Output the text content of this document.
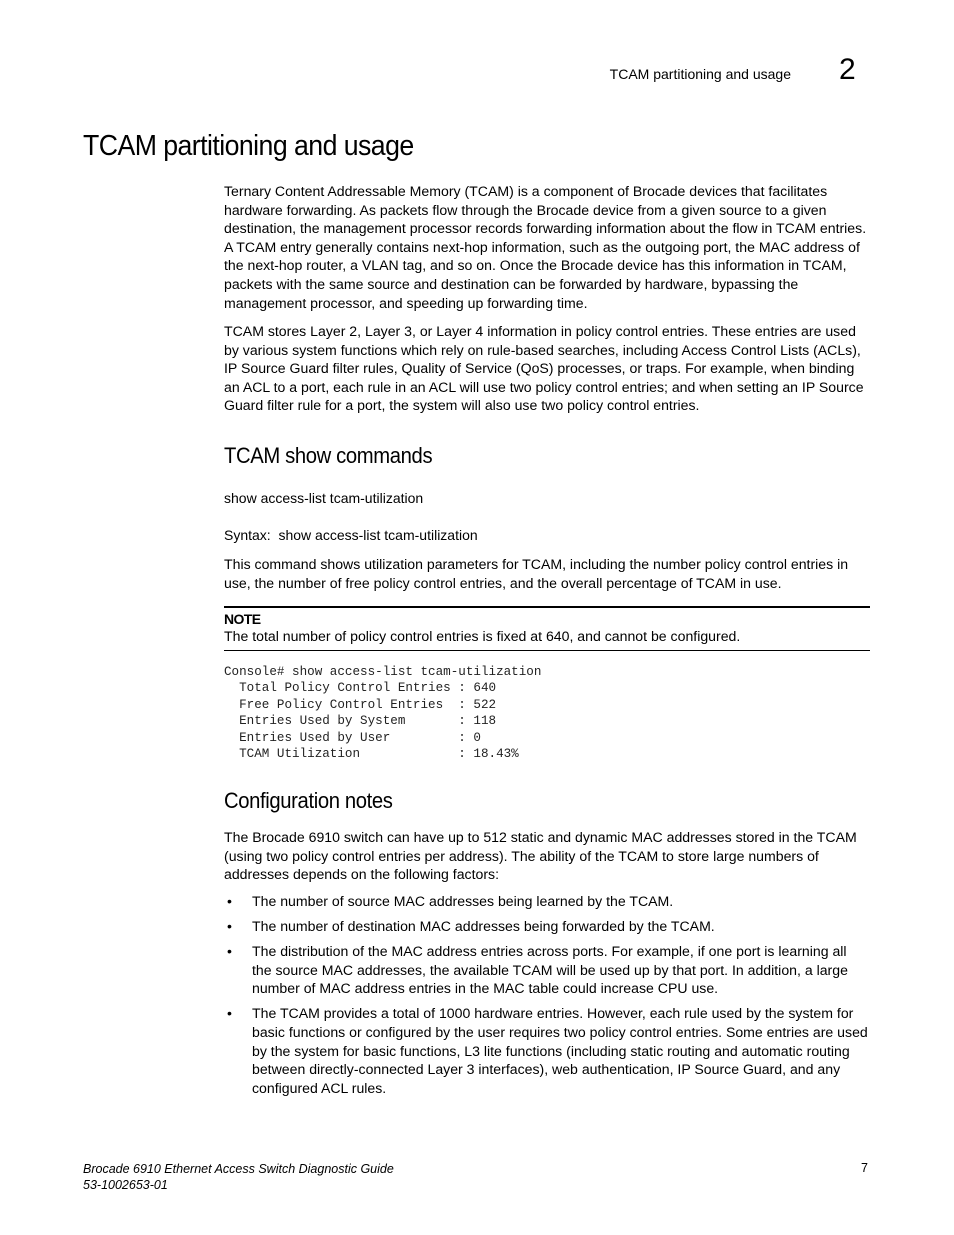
TCAM partitioning and usage 2
TCAM partitioning and usage

Ternary Content Addressable Memory (TCAM) is a component of Brocade devices that facilitates hardware forwarding. As packets flow through the Brocade device from a given source to a given destination, the management processor records forwarding information about the flow in TCAM entries. A TCAM entry generally contains next-hop information, such as the outgoing port, the MAC address of the next-hop router, a VLAN tag, and so on. Once the Brocade device has this information in TCAM, packets with the same source and destination can be forwarded by hardware, bypassing the management processor, and speeding up forwarding time.

TCAM stores Layer 2, Layer 3, or Layer 4 information in policy control entries. These entries are used by various system functions which rely on rule-based searches, including Access Control Lists (ACLs), IP Source Guard filter rules, Quality of Service (QoS) processes, or traps. For example, when binding an ACL to a port, each rule in an ACL will use two policy control entries; and when setting an IP Source Guard filter rule for a port, the system will also use two policy control entries.

TCAM show commands
show access-list tcam-utilization
Syntax: show access-list tcam-utilization

This command shows utilization parameters for TCAM, including the number policy control entries in use, the number of free policy control entries, and the overall percentage of TCAM in use.

NOTE
The total number of policy control entries is fixed at 640, and cannot be configured.
Console# show access-list tcam-utilization
Total Policy Control Entries : 640
Free Policy Control Entries  : 522
Entries Used by System       : 118
Entries Used by User         : 0
TCAM Utilization             : 18.43%
Configuration notes

The Brocade 6910 switch can have up to 512 static and dynamic MAC addresses stored in the TCAM (using two policy control entries per address). The ability of the TCAM to store large numbers of addresses depends on the following factors:

• The number of source MAC addresses being learned by the TCAM.
• The number of destination MAC addresses being forwarded by the TCAM.
• The distribution of the MAC address entries across ports. For example, if one port is learning all the source MAC addresses, the available TCAM will be used up by that port. In addition, a large number of MAC address entries in the MAC table could increase CPU use.
• The TCAM provides a total of 1000 hardware entries. However, each rule used by the system for basic functions or configured by the user requires two policy control entries. Some entries are used by the system for basic functions, L3 lite functions (including static routing and automatic routing between directly-connected Layer 3 interfaces), web authentication, IP Source Guard, and any configured ACL rules.
Brocade 6910 Ethernet Access Switch Diagnostic Guide
53-1002653-01
7
